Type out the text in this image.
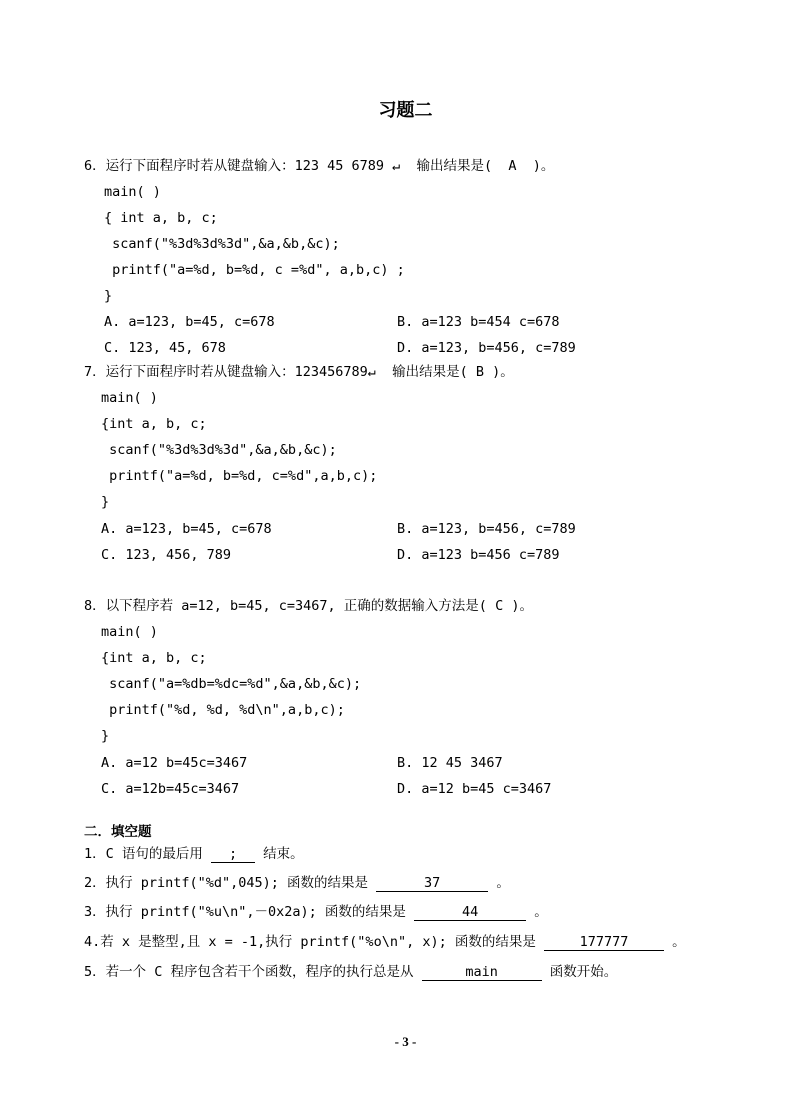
习题二
6．运行下面程序时若从键盘输入：123 45 6789 ↵  输出结果是(  A  )。
main( )
{ int a, b, c;
scanf("%3d%3d%3d",&a,&b,&c);
printf("a=%d, b=%d, c =%d", a,b,c) ;
}
A. a=123, b=45, c=678	B. a=123 b=454 c=678
C. 123, 45, 678	D. a=123, b=456, c=789
7．运行下面程序时若从键盘输入：123456789↵  输出结果是( B )。
main( )
{int a, b, c;
scanf("%3d%3d%3d",&a,&b,&c);
printf("a=%d, b=%d, c=%d",a,b,c);
}
A. a=123, b=45, c=678	B. a=123, b=456, c=789
C. 123, 456, 789	D. a=123 b=456 c=789
8．以下程序若 a=12, b=45, c=3467, 正确的数据输入方法是( C )。
main( )
{int a, b, c;
scanf("a=%db=%dc=%d",&a,&b,&c);
printf("%d, %d, %d\n",a,b,c);
}
A. a=12 b=45c=3467	B. 12 45 3467
C. a=12b=45c=3467	D. a=12 b=45 c=3467
二．填空题
1．C 语句的最后用 ; 结束。
2．执行 printf("%d",045); 函数的结果是	37	。
3．执行 printf("%u\n",－0x2a); 函数的结果是	44	。
4.若 x 是整型,且 x = -1,执行 printf("%o\n", x); 函数的结果是	177777	。
5．若一个 C 程序包含若干个函数，程序的执行总是从	main	函数开始。
- 3 -
